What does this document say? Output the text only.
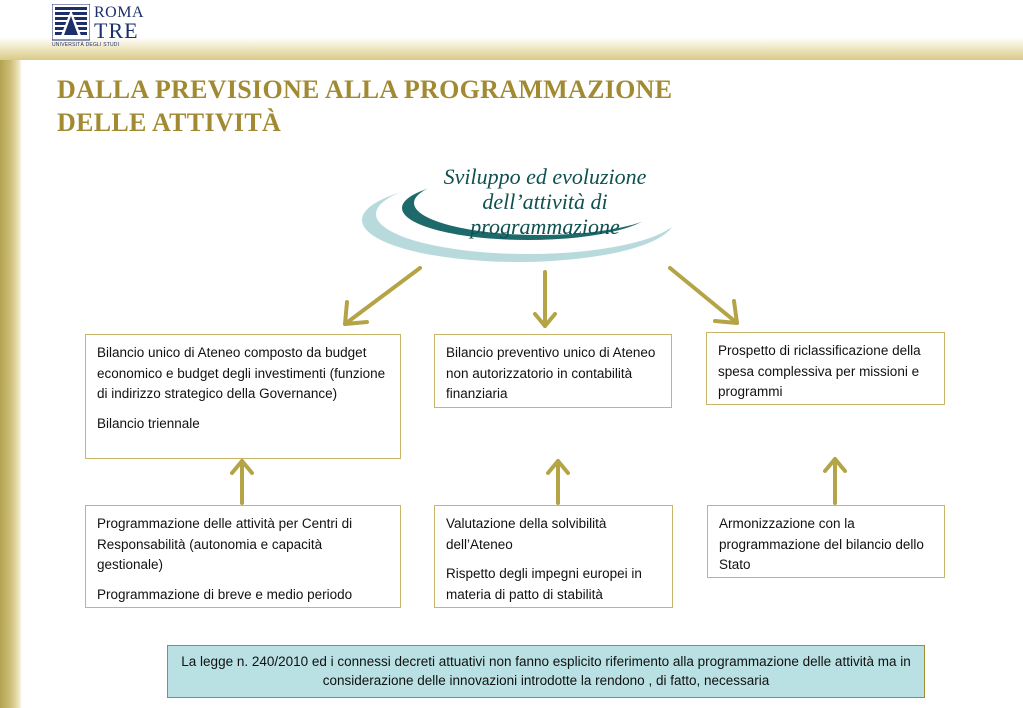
ROMA
TRE
UNIVERSITÀ DEGLI STUDI
DALLA PREVISIONE ALLA PROGRAMMAZIONE
DELLE ATTIVITÀ
Sviluppo ed evoluzione
dell’attività di
programmazione

Bilancio unico di Ateneo composto da budget economico e budget degli investimenti (funzione di indirizzo strategico della Governance)

Bilancio triennale

Bilancio preventivo unico di Ateneo non autorizzatorio in contabilità finanziaria

Prospetto di riclassificazione della spesa complessiva per missioni e programmi

Programmazione delle attività per Centri di Responsabilità (autonomia e capacità gestionale)

Programmazione di breve e medio periodo

Valutazione della solvibilità dell’Ateneo

Rispetto degli impegni europei in materia di patto di stabilità

Armonizzazione con la programmazione del bilancio dello Stato

La legge n. 240/2010 ed i connessi decreti attuativi non fanno esplicito riferimento alla programmazione delle attività ma in considerazione delle innovazioni introdotte la rendono , di fatto, necessaria
